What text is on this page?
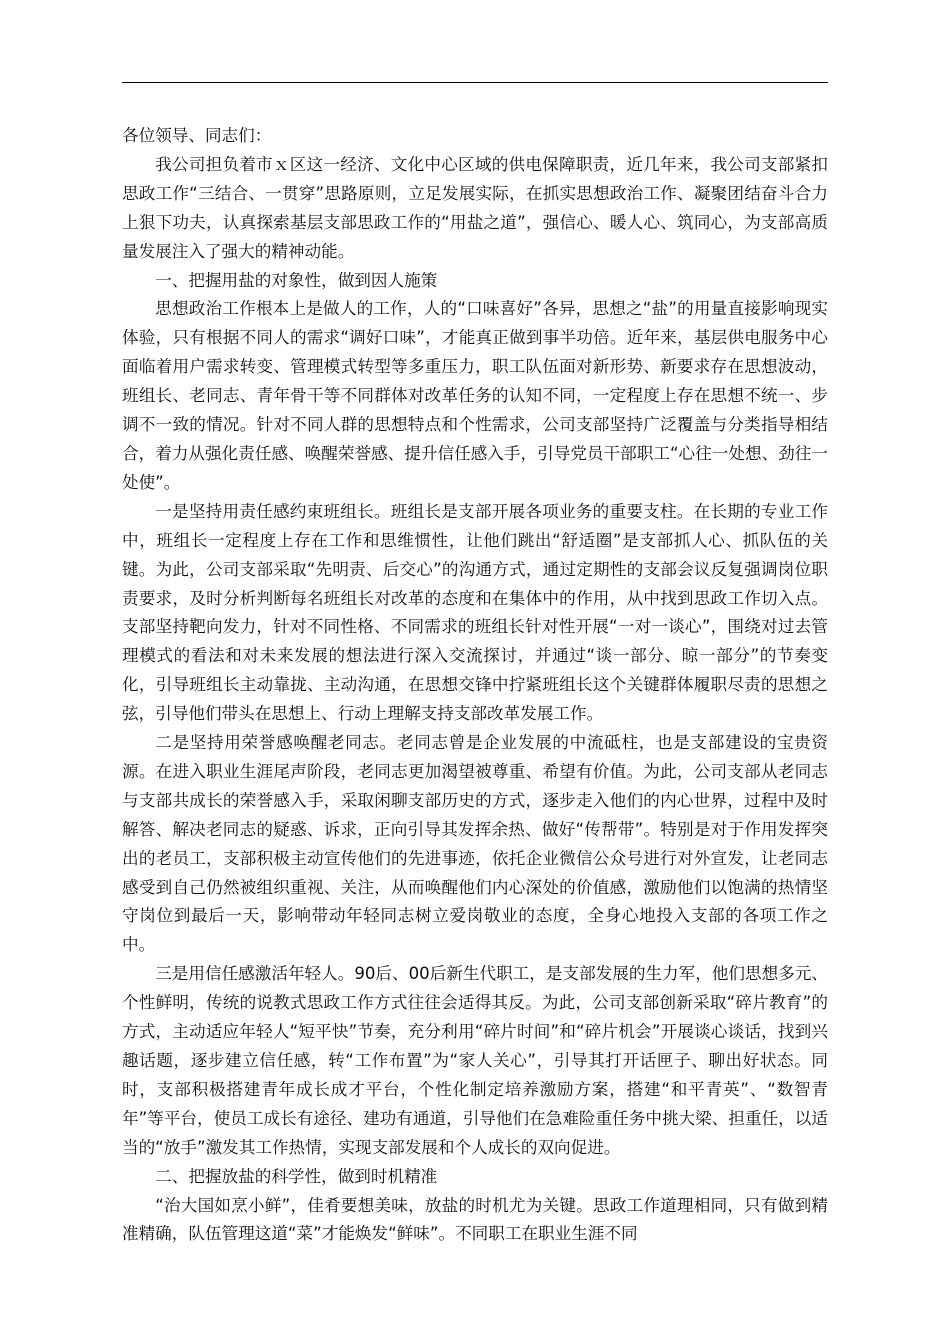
各位领导、同志们：

我公司担负着市ｘ区这一经济、文化中心区域的供电保障职责，近几年来，我公司支部紧扣思政工作“三结合、一贯穿”思路原则，立足发展实际，在抓实思想政治工作、凝聚团结奋斗合力上狠下功夫，认真探索基层支部思政工作的“用盐之道”，强信心、暖人心、筑同心，为支部高质量发展注入了强大的精神动能。

一、把握用盐的对象性，做到因人施策

思想政治工作根本上是做人的工作，人的“口味喜好”各异，思想之“盐”的用量直接影响现实体验，只有根据不同人的需求“调好口味”，才能真正做到事半功倍。近年来，基层供电服务中心面临着用户需求转变、管理模式转型等多重压力，职工队伍面对新形势、新要求存在思想波动，班组长、老同志、青年骨干等不同群体对改革任务的认知不同，一定程度上存在思想不统一、步调不一致的情况。针对不同人群的思想特点和个性需求，公司支部坚持广泛覆盖与分类指导相结合，着力从强化责任感、唤醒荣誉感、提升信任感入手，引导党员干部职工“心往一处想、劲往一处使”。

一是坚持用责任感约束班组长。班组长是支部开展各项业务的重要支柱。在长期的专业工作中，班组长一定程度上存在工作和思维惯性，让他们跳出“舒适圈”是支部抓人心、抓队伍的关键。为此，公司支部采取“先明责、后交心”的沟通方式，通过定期性的支部会议反复强调岗位职责要求，及时分析判断每名班组长对改革的态度和在集体中的作用，从中找到思政工作切入点。支部坚持靶向发力，针对不同性格、不同需求的班组长针对性开展“一对一谈心”，围绕对过去管理模式的看法和对未来发展的想法进行深入交流探讨，并通过“谈一部分、晾一部分”的节奏变化，引导班组长主动靠拢、主动沟通，在思想交锋中拧紧班组长这个关键群体履职尽责的思想之弦，引导他们带头在思想上、行动上理解支持支部改革发展工作。

二是坚持用荣誉感唤醒老同志。老同志曾是企业发展的中流砥柱，也是支部建设的宝贵资源。在进入职业生涯尾声阶段，老同志更加渴望被尊重、希望有价值。为此，公司支部从老同志与支部共成长的荣誉感入手，采取闲聊支部历史的方式，逐步走入他们的内心世界，过程中及时解答、解决老同志的疑惑、诉求，正向引导其发挥余热、做好“传帮带”。特别是对于作用发挥突出的老员工，支部积极主动宣传他们的先进事迹，依托企业微信公众号进行对外宣发，让老同志感受到自己仍然被组织重视、关注，从而唤醒他们内心深处的价值感，激励他们以饱满的热情坚守岗位到最后一天，影响带动年轻同志树立爱岗敬业的态度，全身心地投入支部的各项工作之中。

三是用信任感激活年轻人。90后、00后新生代职工，是支部发展的生力军，他们思想多元、个性鲜明，传统的说教式思政工作方式往往会适得其反。为此，公司支部创新采取“碎片教育”的方式，主动适应年轻人“短平快”节奏，充分利用“碎片时间”和“碎片机会”开展谈心谈话，找到兴趣话题，逐步建立信任感，转“工作布置”为“家人关心”，引导其打开话匣子、聊出好状态。同时，支部积极搭建青年成长成才平台，个性化制定培养激励方案，搭建“和平青英”、“数智青年”等平台，使员工成长有途径、建功有通道，引导他们在急难险重任务中挑大梁、担重任，以适当的“放手”激发其工作热情，实现支部发展和个人成长的双向促进。

二、把握放盐的科学性，做到时机精准

“治大国如烹小鲜”，佳肴要想美味，放盐的时机尤为关键。思政工作道理相同，只有做到精准精确，队伍管理这道“菜”才能焕发“鲜味”。不同职工在职业生涯不同
